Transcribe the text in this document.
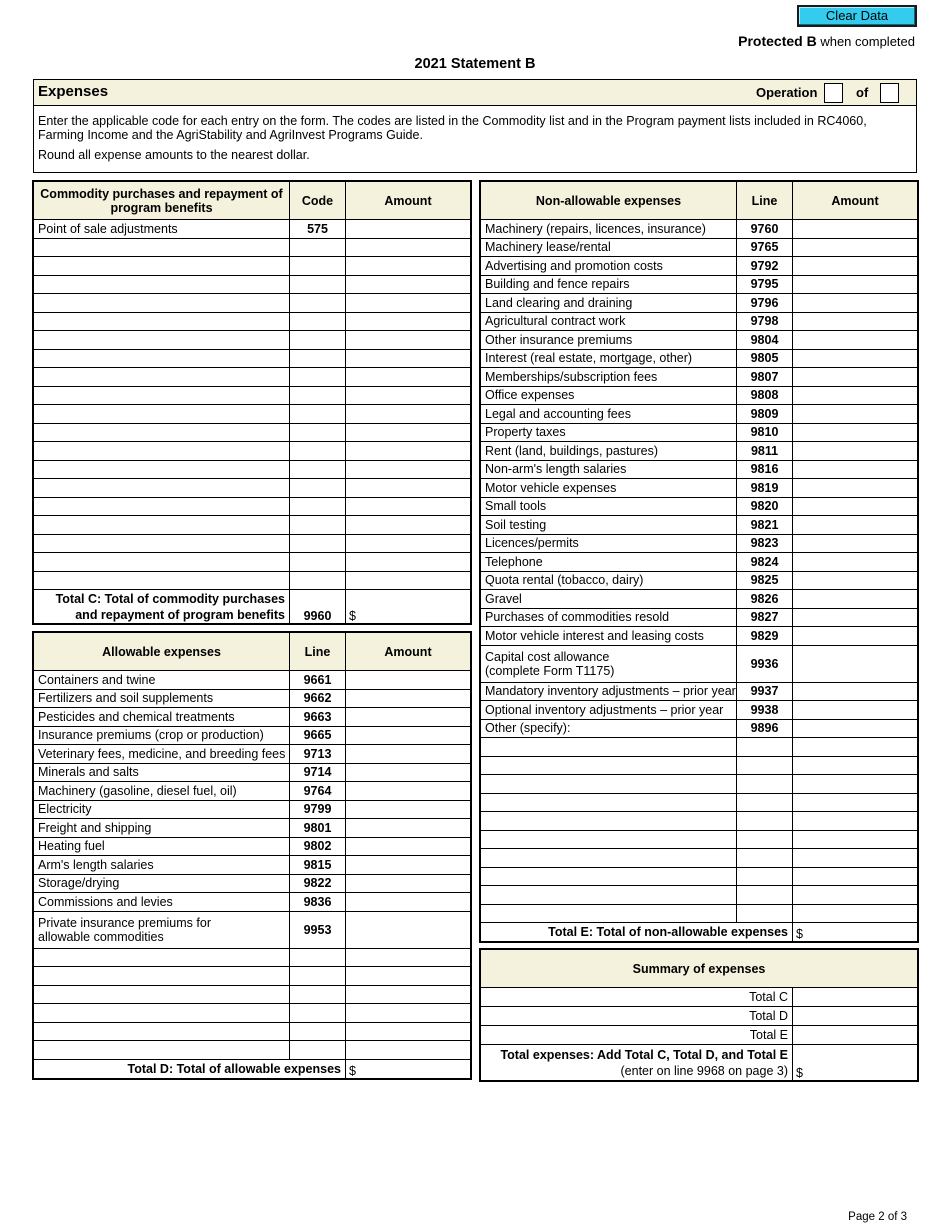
Clear Data
Protected B when completed
2021 Statement B
Expenses	Operation	of

Enter the applicable code for each entry on the form. The codes are listed in the Commodity list and in the Program payment lists included in RC4060, Farming Income and the AgriStability and AgriInvest Programs Guide.

Round all expense amounts to the nearest dollar.

Commodity purchases and repayment of program benefits	Code	Amount
Point of sale adjustments	575	

Total C: Total of commodity purchases
and repayment of program benefits	9960	$
Allowable expenses	Line	Amount
Containers and twine	9661	
Fertilizers and soil supplements	9662	
Pesticides and chemical treatments	9663	
Insurance premiums (crop or production)	9665	
Veterinary fees, medicine, and breeding fees	9713	
Minerals and salts	9714	
Machinery (gasoline, diesel fuel, oil)	9764	
Electricity	9799	
Freight and shipping	9801	
Heating fuel	9802	
Arm's length salaries	9815	
Storage/drying	9822	
Commissions and levies	9836	
Private insurance premiums for
allowable commodities	9953	

Total D: Total of allowable expenses		$
Non-allowable expenses	Line	Amount
Machinery (repairs, licences, insurance)	9760	
Machinery lease/rental	9765	
Advertising and promotion costs	9792	
Building and fence repairs	9795	
Land clearing and draining	9796	
Agricultural contract work	9798	
Other insurance premiums	9804	
Interest (real estate, mortgage, other)	9805	
Memberships/subscription fees	9807	
Office expenses	9808	
Legal and accounting fees	9809	
Property taxes	9810	
Rent (land, buildings, pastures)	9811	
Non-arm's length salaries	9816	
Motor vehicle expenses	9819	
Small tools	9820	
Soil testing	9821	
Licences/permits	9823	
Telephone	9824	
Quota rental (tobacco, dairy)	9825	
Gravel	9826	
Purchases of commodities resold	9827	
Motor vehicle interest and leasing costs	9829	
Capital cost allowance
(complete Form T1175)	9936	
Mandatory inventory adjustments – prior year	9937	
Optional inventory adjustments – prior year	9938	
Other (specify):	9896	

Total E: Total of non-allowable expenses		$
Summary of expenses	
Total C	
Total D	
Total E	
Total expenses: Add Total C, Total D, and Total E
(enter on line 9968 on page 3)	$
Page 2 of 3
